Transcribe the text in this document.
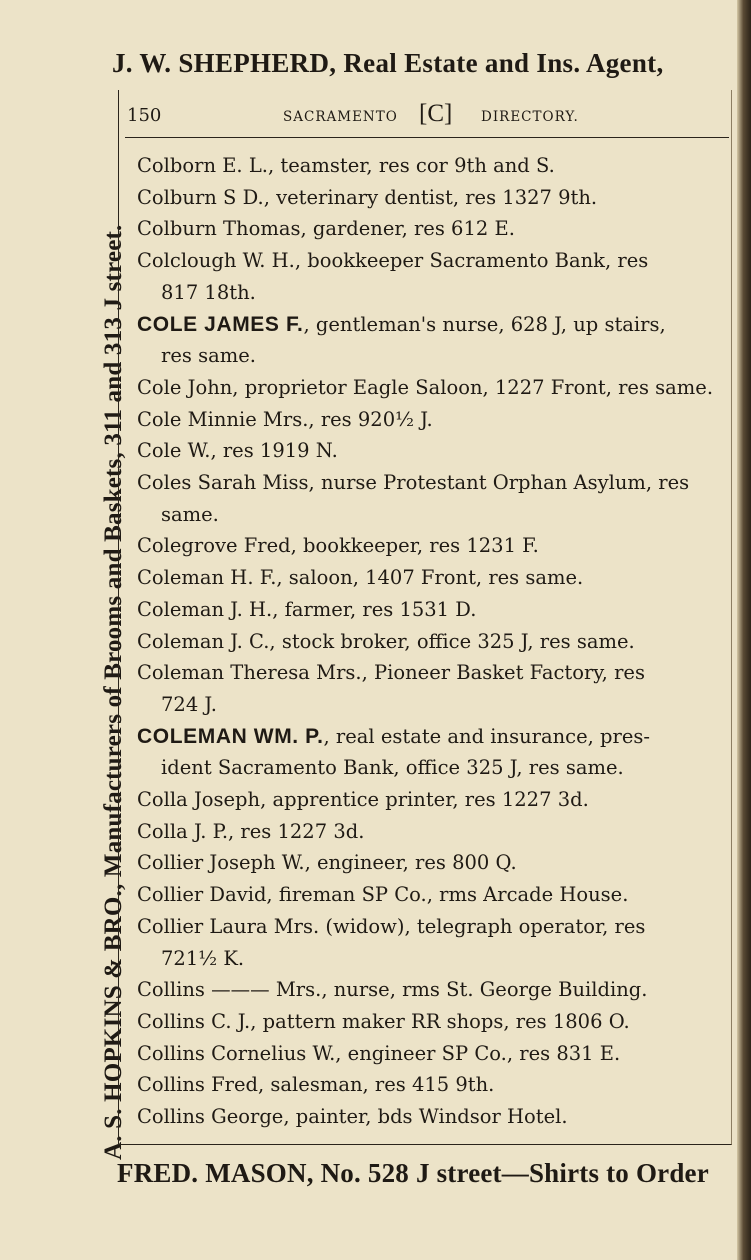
J. W. SHEPHERD, Real Estate and Ins. Agent,
A. S. HOPKINS & BRO., Manufacturers of Brooms and Baskets, 311 and 313 J street.
150	SACRAMENTO [C] DIRECTORY.
Colborn E. L., teamster, res cor 9th and S.
Colburn S D., veterinary dentist, res 1327 9th.
Colburn Thomas, gardener, res 612 E.
Colclough W. H., bookkeeper Sacramento Bank, res
817 18th.
COLE JAMES F., gentleman's nurse, 628 J, up stairs,
res same.
Cole John, proprietor Eagle Saloon, 1227 Front, res same.
Cole Minnie Mrs., res 920½ J.
Cole W., res 1919 N.
Coles Sarah Miss, nurse Protestant Orphan Asylum, res
same.
Colegrove Fred, bookkeeper, res 1231 F.
Coleman H. F., saloon, 1407 Front, res same.
Coleman J. H., farmer, res 1531 D.
Coleman J. C., stock broker, office 325 J, res same.
Coleman Theresa Mrs., Pioneer Basket Factory, res
724 J.
COLEMAN WM. P., real estate and insurance, pres-
ident Sacramento Bank, office 325 J, res same.
Colla Joseph, apprentice printer, res 1227 3d.
Colla J. P., res 1227 3d.
Collier Joseph W., engineer, res 800 Q.
Collier David, fireman SP Co., rms Arcade House.
Collier Laura Mrs. (widow), telegraph operator, res
721½ K.
Collins ——— Mrs., nurse, rms St. George Building.
Collins C. J., pattern maker RR shops, res 1806 O.
Collins Cornelius W., engineer SP Co., res 831 E.
Collins Fred, salesman, res 415 9th.
Collins George, painter, bds Windsor Hotel.
FRED. MASON, No. 528 J street—Shirts to Order
